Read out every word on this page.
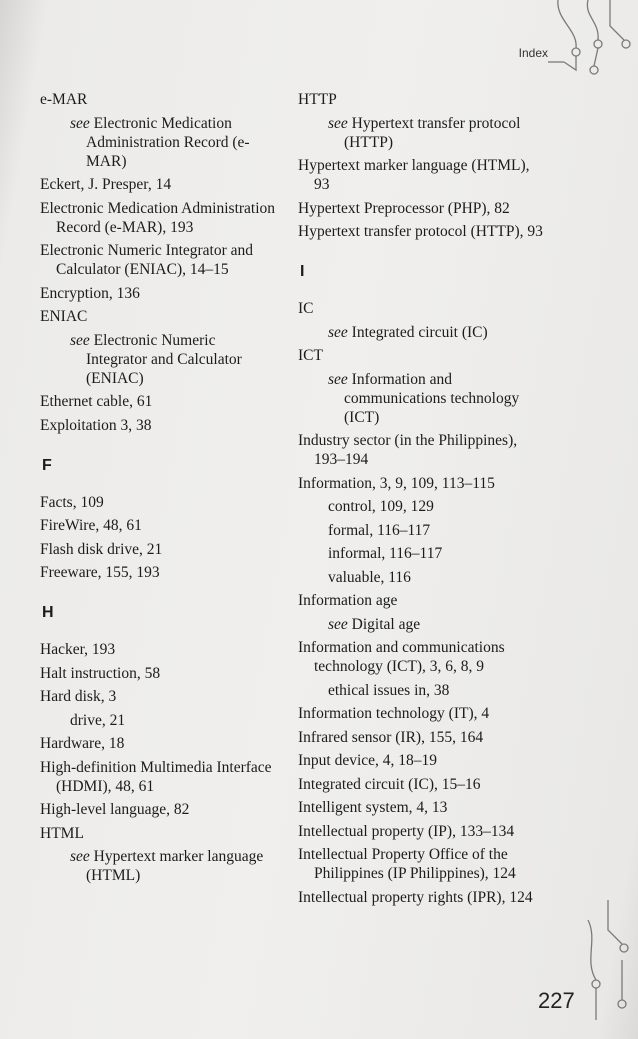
Index
e-MAR
see Electronic Medication Administration Record (e-MAR)
Eckert, J. Presper, 14
Electronic Medication Administration Record (e-MAR), 193
Electronic Numeric Integrator and Calculator (ENIAC), 14–15
Encryption, 136
ENIAC
see Electronic Numeric Integrator and Calculator (ENIAC)
Ethernet cable, 61
Exploitation 3, 38
F
Facts, 109
FireWire, 48, 61
Flash disk drive, 21
Freeware, 155, 193
H
Hacker, 193
Halt instruction, 58
Hard disk, 3
drive, 21
Hardware, 18
High-definition Multimedia Interface (HDMI), 48, 61
High-level language, 82
HTML
see Hypertext marker language (HTML)
HTTP
see Hypertext transfer protocol (HTTP)
Hypertext marker language (HTML), 93
Hypertext Preprocessor (PHP), 82
Hypertext transfer protocol (HTTP), 93
I
IC
see Integrated circuit (IC)
ICT
see Information and communications technology (ICT)
Industry sector (in the Philippines), 193–194
Information, 3, 9, 109, 113–115
control, 109, 129
formal, 116–117
informal, 116–117
valuable, 116
Information age
see Digital age
Information and communications technology (ICT), 3, 6, 8, 9
ethical issues in, 38
Information technology (IT), 4
Infrared sensor (IR), 155, 164
Input device, 4, 18–19
Integrated circuit (IC), 15–16
Intelligent system, 4, 13
Intellectual property (IP), 133–134
Intellectual Property Office of the Philippines (IP Philippines), 124
Intellectual property rights (IPR), 124
227
